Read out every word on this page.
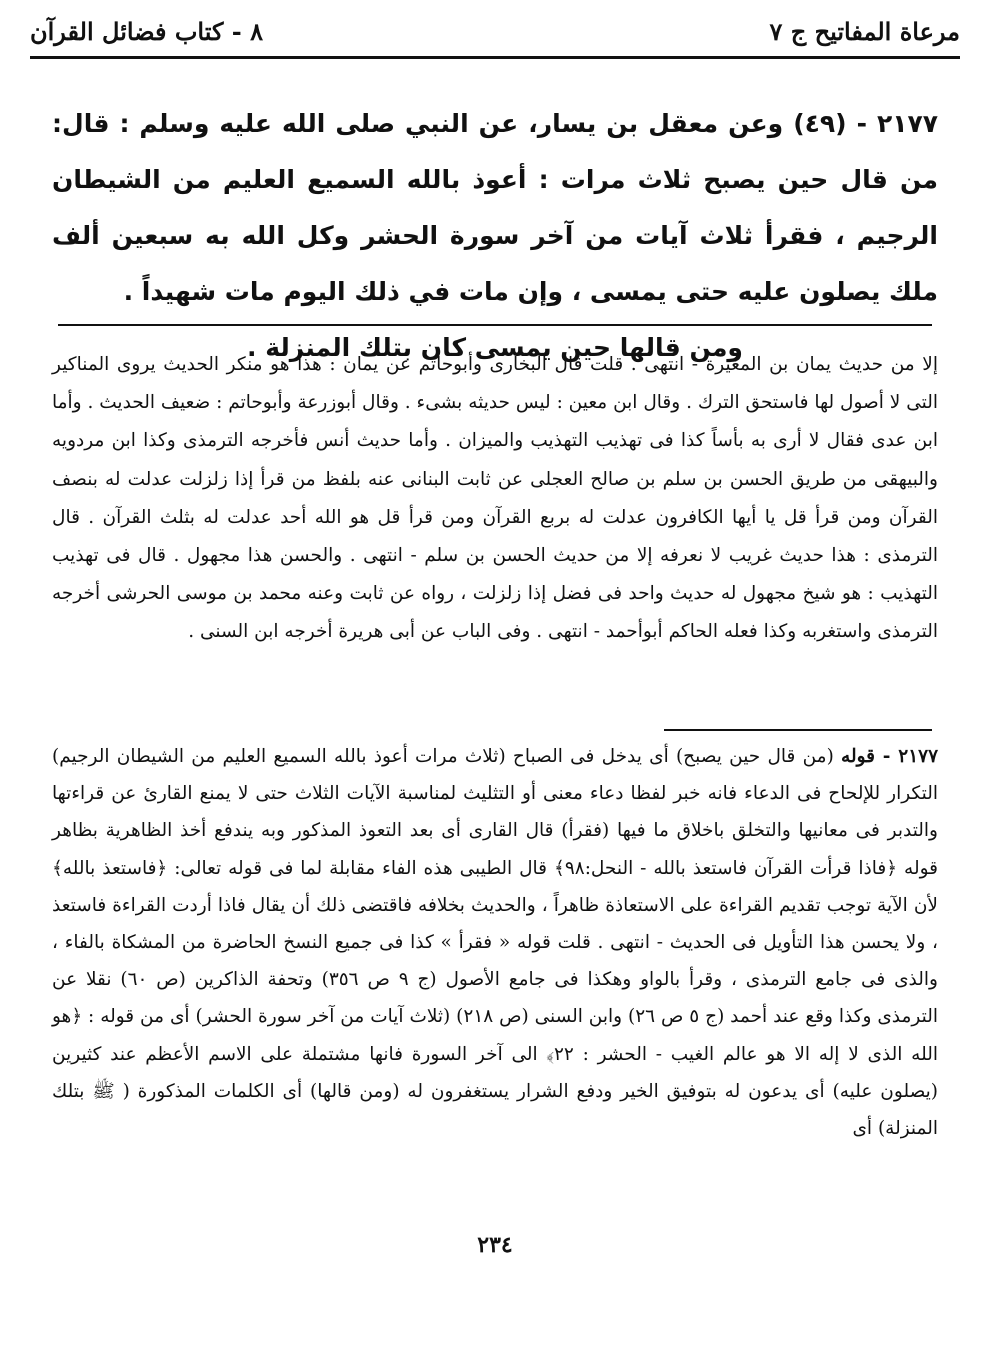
مرعاة المفاتيح ج ٧
٨ - كتاب فضائل القرآن

٢١٧٧ - (٤٩) وعن معقل بن يسار، عن النبي صلى الله عليه وسلم : قال: من قال حين يصبح ثلاث مرات : أعوذ بالله السميع العليم من الشيطان الرجيم ، فقرأ ثلاث آيات من آخر سورة الحشر وكل الله به سبعين ألف ملك يصلون عليه حتى يمسى ، وإن مات في ذلك اليوم مات شهيداً .

ومن قالها حين يمسى كان بتلك المنزلة .

إلا من حديث يمان بن المغيرة - انتهى . قلت قال البخارى وأبوحاتم عن يمان : هذا هو منكر الحديث يروى المناكير التى لا أصول لها فاستحق الترك . وقال ابن معين : ليس حديثه بشىء . وقال أبوزرعة وأبوحاتم : ضعيف الحديث . وأما ابن عدى فقال لا أرى به بأساً كذا فى تهذيب التهذيب والميزان . وأما حديث أنس فأخرجه الترمذى وكذا ابن مردويه والبيهقى من طريق الحسن بن سلم بن صالح العجلى عن ثابت البنانى عنه بلفظ من قرأ إذا زلزلت عدلت له بنصف القرآن ومن قرأ قل يا أيها الكافرون عدلت له بربع القرآن ومن قرأ قل هو الله أحد عدلت له بثلث القرآن . قال الترمذى : هذا حديث غريب لا نعرفه إلا من حديث الحسن بن سلم - انتهى . والحسن هذا مجهول . قال فى تهذيب التهذيب : هو شيخ مجهول له حديث واحد فى فضل إذا زلزلت ، رواه عن ثابت وعنه محمد بن موسى الحرشى أخرجه الترمذى واستغربه وكذا فعله الحاكم أبوأحمد - انتهى . وفى الباب عن أبى هريرة أخرجه ابن السنى .

٢١٧٧ - قوله (من قال حين يصبح) أى يدخل فى الصباح (ثلاث مرات أعوذ بالله السميع العليم من الشيطان الرجيم) التكرار للإلحاح فى الدعاء فانه خبر لفظا دعاء معنى أو التثليث لمناسبة الآيات الثلاث حتى لا يمنع القارئ عن قراءتها والتدبر فى معانيها والتخلق باخلاق ما فيها (فقرأ) قال القارى أى بعد التعوذ المذكور وبه يندفع أخذ الظاهرية بظاهر قوله ﴿فاذا قرأت القرآن فاستعذ بالله - النحل:٩٨﴾ قال الطيبى هذه الفاء مقابلة لما فى قوله تعالى: ﴿فاستعذ بالله﴾ لأن الآية توجب تقديم القراءة على الاستعاذة ظاهراً ، والحديث بخلافه فاقتضى ذلك أن يقال فاذا أردت القراءة فاستعذ ، ولا يحسن هذا التأويل فى الحديث - انتهى . قلت قوله « فقرأ » كذا فى جميع النسخ الحاضرة من المشكاة بالفاء ، والذى فى جامع الترمذى ، وقرأ بالواو وهكذا فى جامع الأصول (ج ٩ ص ٣٥٦) وتحفة الذاكرين (ص ٦٠) نقلا عن الترمذى وكذا وقع عند أحمد (ج ٥ ص ٢٦) وابن السنى (ص ٢١٨) (ثلاث آيات من آخر سورة الحشر) أى من قوله : ﴿هو الله الذى لا إله الا هو عالم الغيب - الحشر : ٢٢﴾ الى آخر السورة فانها مشتملة على الاسم الأعظم عند كثيرين (يصلون عليه) أى يدعون له بتوفيق الخير ودفع الشرار يستغفرون له (ومن قالها) أى الكلمات المذكورة ( ﷺ بتلك المنزلة) أى

٢٣٤
